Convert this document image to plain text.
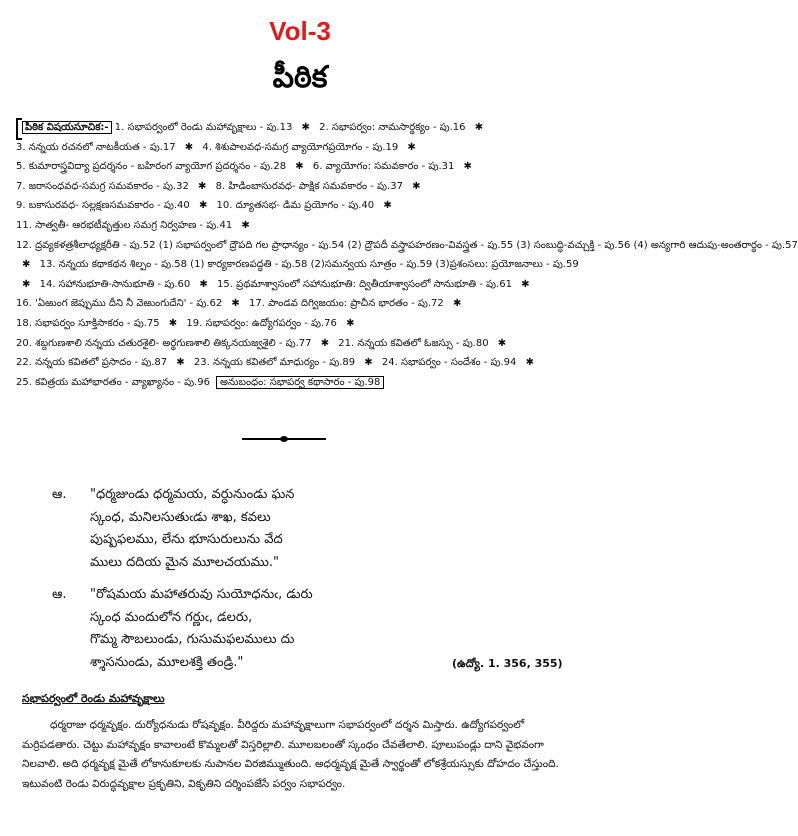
Vol-3
పీఠిక
పీఠిక విషయసూచిక:- 1. సభాపర్వంలో రెండు మహావృక్షాలు - పు.13 ✱ 2. సభాపర్వం: నామసార్థక్యం - పు.16 ✱ 3. నన్నయ రచనలో నాటకీయత - పు.17 ✱ 4. శిశుపాలవధ-సమగ్ర వ్యాయోగప్రయోగం - పు.19 ✱ 5. కుమారాస్త్రవిద్యా ప్రదర్శనం - బహిరంగ వ్యాయోగ ప్రదర్శనం - పు.28 ✱ 6. వ్యాయోగం: సమవకారం - పు.31 ✱ 7. జరాసంధవధ-సమగ్ర సమవకారం - పు.32 ✱ 8. హిడింబాసురవధ- పాక్షిక సమవకారం - పు.37 ✱ 9. బకాసురవధ- సల్లక్షణసమవకారం - పు.40 ✱ 10. ద్యూతసభ- డిమ ప్రయోగం - పు.40 ✱ 11. సాత్వతీ- ఆరభటీవృత్తుల సమగ్ర నిర్వహణ - పు.41 ✱ 12. ద్రవ్యకళత్రశీలాధ్యక్షరీతి - పు.52 (1) సభాపర్వంలో ద్రౌపది గల ప్రాధాన్యం - పు.54 (2) ద్రౌపదీ వస్త్రాపహరణం-వివస్త్రత - పు.55 (3) సంబుద్ధి-వచ్చుక్తి - పు.56 (4) అన్యగారి ఆదుపు-అంతరార్థం - పు.57 ✱ 13. నన్నయ కథాకథన శిల్పం - పు.58 (1) కార్యకారణపద్ధతి - పు.58 (2)సమన్వయ సూత్రం - పు.59 (3)ప్రశంసలు: ప్రయోజనాలు - పు.59 ✱ 14. సహానుభూతి-సానుభూతి - పు.60 ✱ 15. ప్రథమాశ్వాసంలో సహానుభూతి: ద్వితీయాశ్వాసంలో సానుభూతి - పు.61 ✱ 16. 'ఏఱుంగ జెప్పుము దీని నీ వెఱుంగుదేని' - పు.62 ✱ 17. పాండవ దిగ్విజయం: ప్రాచీన భారతం - పు.72 ✱ 18. సభాపర్వం సూక్తిసాకరం - పు.75 ✱ 19. సభాపర్వం: ఉద్యోగపర్వం - పు.76 ✱ 20. శబ్దగుణశాలి నన్నయ చతురశైలి- అర్థగుణశాలి తిక్కనయజ్వశైలి - పు.77 ✱ 21. నన్నయ కవితలో ఓజస్సు - పు.80 ✱ 22. నన్నయ కవితలో ప్రసాదం - పు.87 ✱ 23. నన్నయ కవితలో మాధుర్యం - పు.89 ✱ 24. సభాపర్వం - సందేశం - పు.94 ✱ 25. కవిత్రయ మహాభారతం - వ్యాఖ్యానం - పు.96 అనుబంధం: సభాపర్వ కథాసారం - పు.98
ఆ.	"ధర్మజుండు ధర్మమయ, వర్ధునుండు ఘన
స్కంధ, మనిలసుతుఁడు శాఖ, కవలు
పుష్పఫలము, లేను భూసురులును వేద
ములు దదియ మైన మూలచయము."
ఆ.	"రోషమయ మహాతరువు సుయోధనుఁ, డురు
స్కంధ మందులోన గర్ణుఁ, డలరు,
గొమ్మ సౌబలుండు, గుసుమఫలములు దు
శ్శాసనుండు, మూలశక్తి తండ్రి."	(ఉద్యో. 1. 356, 355)
సభాపర్వంలో రెండు మహావృక్షాలు
ధర్మరాజు ధర్మవృక్షం. దుర్యోధనుడు రోషవృక్షం. వీరిద్దరు మహావృక్షాలుగా సభాపర్వంలో దర్శన మిస్తారు. ఉద్యోగపర్వంలో మర్రిపడతారు. చెట్టు మహావృక్షం కావాలంటే కొమ్మలతో విస్తరిల్లాలి. మూలబలంతో స్కంధం చేవతేలాలి. పూలుపండ్లు దాని వైభవంగా నిలవాలి. అది ధర్మవృక్ష మైతే లోకానుకూలకు నుపానల విరజిమ్ముతుంది. అధర్మవృక్ష మైతే స్వార్థంతో లోకశ్రేయస్సుకు దోహదం చేస్తుంది. ఇటువంటి రెండు విరుద్ధవృక్షాల ప్రకృతిని, వికృతిని దర్శింపజేసే పర్వం సభాపర్వం.
